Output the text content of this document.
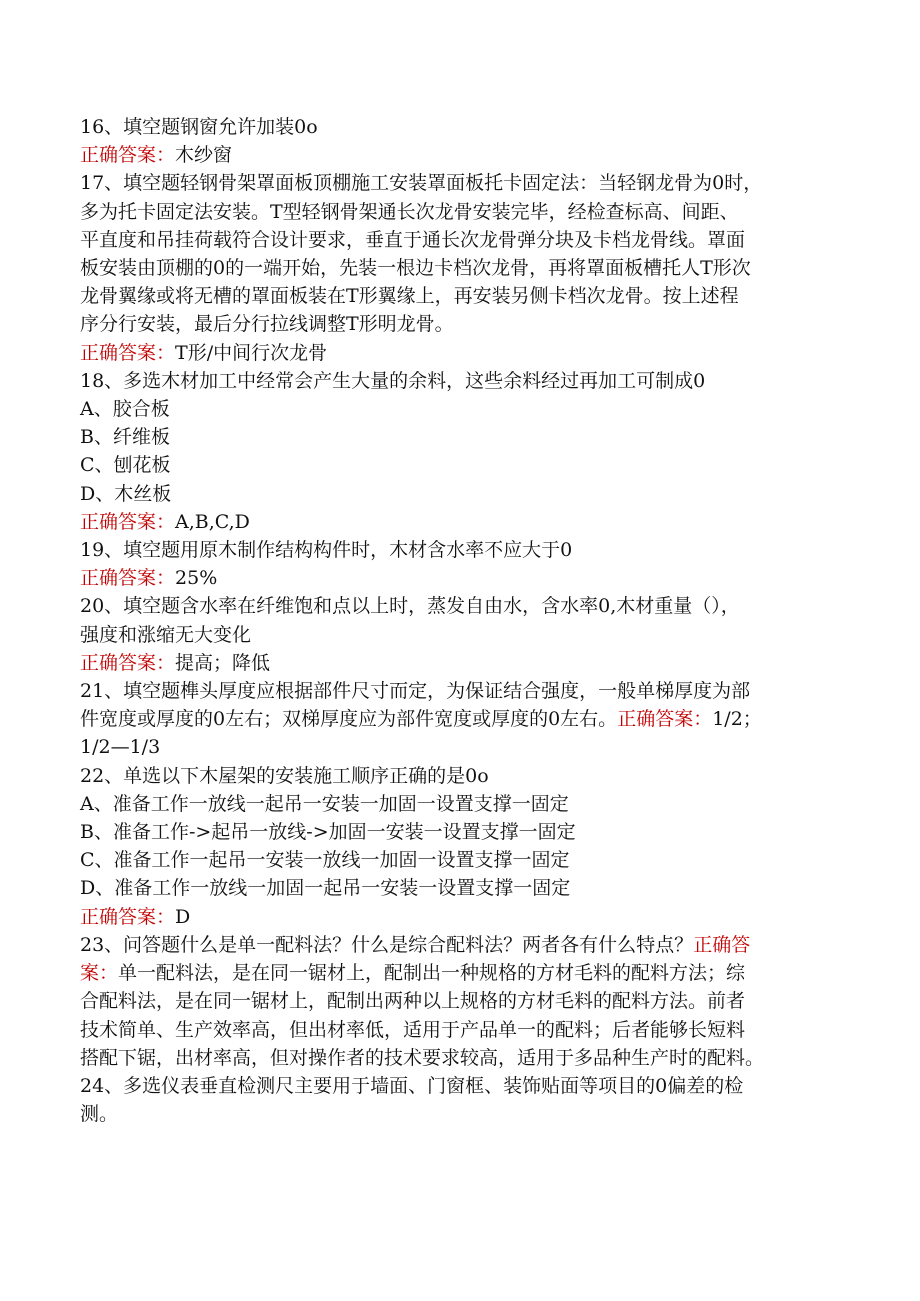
16、填空题钢窗允许加装0o

正确答案：木纱窗

17、填空题轻钢骨架罩面板顶棚施工安装罩面板托卡固定法：当轻钢龙骨为0时，

多为托卡固定法安装。T型轻钢骨架通长次龙骨安装完毕，经检查标高、间距、

平直度和吊挂荷载符合设计要求，垂直于通长次龙骨弹分块及卡档龙骨线。罩面

板安装由顶棚的0的一端开始，先装一根边卡档次龙骨，再将罩面板槽托人T形次

龙骨翼缘或将无槽的罩面板装在T形翼缘上，再安装另侧卡档次龙骨。按上述程

序分行安装，最后分行拉线调整T形明龙骨。

正确答案：T形/中间行次龙骨

18、多选木材加工中经常会产生大量的余料，这些余料经过再加工可制成0

A、胶合板

B、纤维板

C、刨花板

D、木丝板

正确答案：A,B,C,D

19、填空题用原木制作结构构件时，木材含水率不应大于0

正确答案：25%

20、填空题含水率在纤维饱和点以上时，蒸发自由水，含水率0,木材重量（），

强度和涨缩无大变化

正确答案：提高；降低

21、填空题榫头厚度应根据部件尺寸而定，为保证结合强度，一般单梯厚度为部

件宽度或厚度的0左右；双梯厚度应为部件宽度或厚度的0左右。正确答案：1/2；

1/2—1/3

22、单选以下木屋架的安装施工顺序正确的是0o

A、准备工作一放线一起吊一安装一加固一设置支撑一固定

B、准备工作->起吊一放线->加固一安装一设置支撑一固定

C、准备工作一起吊一安装一放线一加固一设置支撑一固定

D、准备工作一放线一加固一起吊一安装一设置支撑一固定

正确答案：D

23、问答题什么是单一配料法？什么是综合配料法？两者各有什么特点？正确答

案：单一配料法，是在同一锯材上，配制出一种规格的方材毛料的配料方法；综

合配料法，是在同一锯材上，配制出两种以上规格的方材毛料的配料方法。前者

技术简单、生产效率高，但出材率低，适用于产品单一的配料；后者能够长短料

搭配下锯，出材率高，但对操作者的技术要求较高，适用于多品种生产时的配料。

24、多选仪表垂直检测尺主要用于墙面、门窗框、装饰贴面等项目的0偏差的检

测。
